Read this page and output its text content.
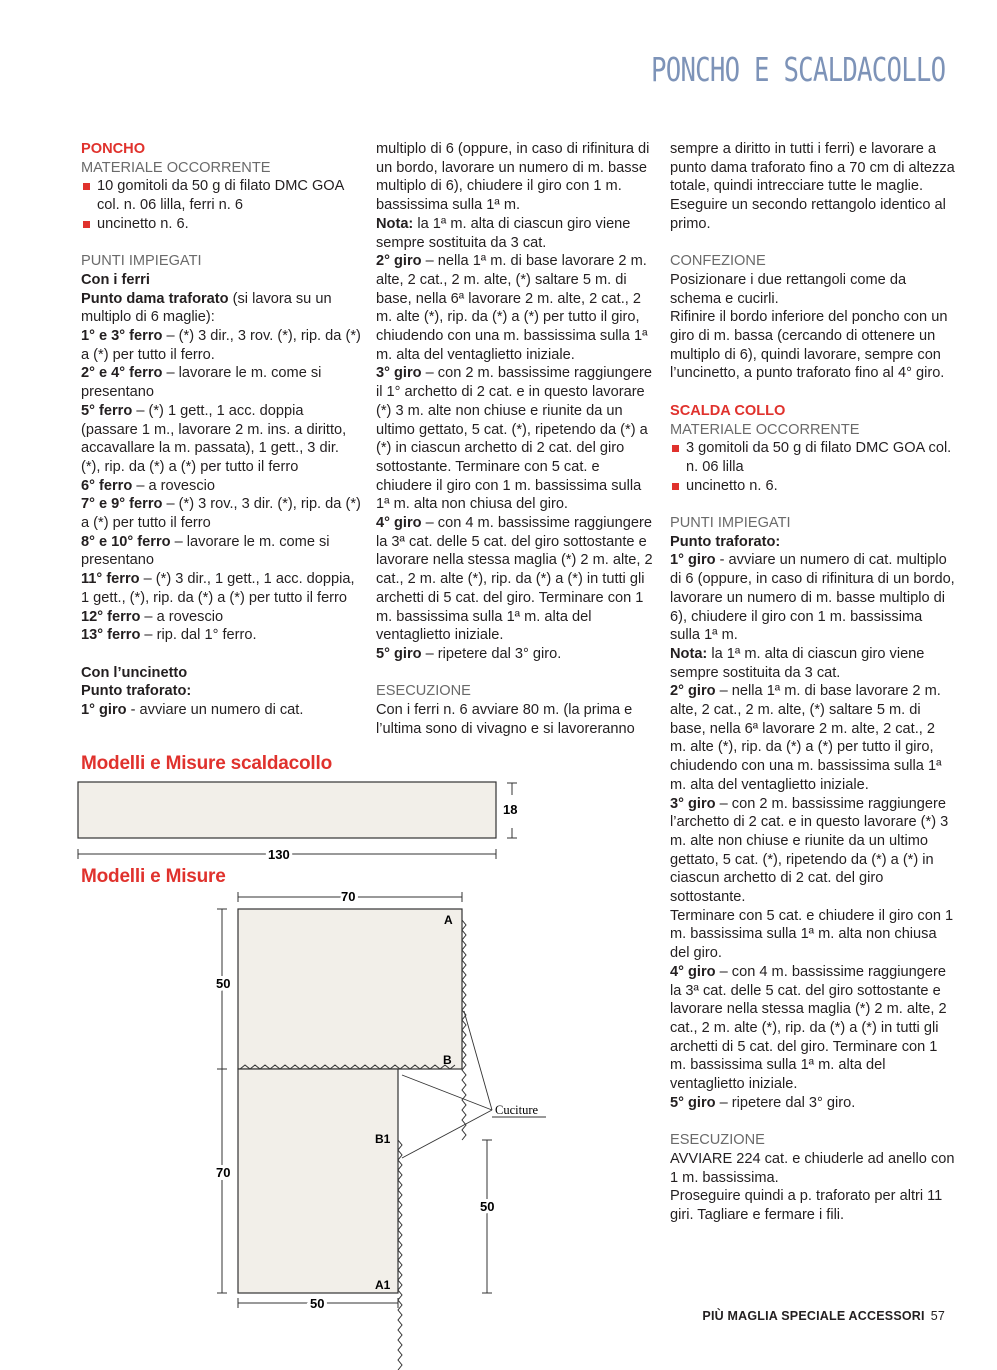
PONCHO E SCALDACOLLO

PONCHO

MATERIALE OCCORRENTE

10 gomitoli da 50 g di filato DMC GOA col. n. 06 lilla, ferri n. 6

uncinetto n. 6.

PUNTI IMPIEGATI

Con i ferri

Punto dama traforato (si lavora su un multiplo di 6 maglie):

1° e 3° ferro – (*) 3 dir., 3 rov. (*), rip. da (*) a (*) per tutto il ferro.

2° e 4° ferro – lavorare le m. come si presentano

5° ferro – (*) 1 gett., 1 acc. doppia (passare 1 m., lavorare 2 m. ins. a diritto, accavallare la m. passata), 1 gett., 3 dir. (*), rip. da (*) a (*) per tutto il ferro

6° ferro – a rovescio

7° e 9° ferro – (*) 3 rov., 3 dir. (*), rip. da (*) a (*) per tutto il ferro

8° e 10° ferro – lavorare le m. come si presentano

11° ferro – (*) 3 dir., 1 gett., 1 acc. doppia, 1 gett., (*), rip. da (*) a (*) per tutto il ferro

12° ferro – a rovescio

13° ferro – rip. dal 1° ferro.

Con l’uncinetto

Punto traforato:

1° giro - avviare un numero di cat.

multiplo di 6 (oppure, in caso di rifinitura di un bordo, lavorare un numero di m. basse multiplo di 6), chiudere il giro con 1 m. bassissima sulla 1ª m.

Nota: la 1ª m. alta di ciascun giro viene sempre sostituita da 3 cat.

2° giro – nella 1ª m. di base lavorare 2 m. alte, 2 cat., 2 m. alte, (*) saltare 5 m. di base, nella 6ª lavorare 2 m. alte, 2 cat., 2 m. alte (*), rip. da (*) a (*) per tutto il giro, chiudendo con una m. bassissima sulla 1ª m. alta del ventaglietto iniziale.

3° giro – con 2 m. bassissime raggiungere il 1° archetto di 2 cat. e in questo lavorare (*) 3 m. alte non chiuse e riunite da un ultimo gettato, 5 cat. (*), ripetendo da (*) a (*) in ciascun archetto di 2 cat. del giro sottostante. Terminare con 5 cat. e chiudere il giro con 1 m. bassissima sulla 1ª m. alta non chiusa del giro.

4° giro – con 4 m. bassissime raggiungere la 3ª cat. delle 5 cat. del giro sottostante e lavorare nella stessa maglia (*) 2 m. alte, 2 cat., 2 m. alte (*), rip. da (*) a (*) in tutti gli archetti di 5 cat. del giro. Terminare con 1 m. bassissima sulla 1ª m. alta del ventaglietto iniziale.

5° giro – ripetere dal 3° giro.

ESECUZIONE

Con i ferri n. 6 avviare 80 m. (la prima e l’ultima sono di vivagno e si lavoreranno

sempre a diritto in tutti i ferri) e lavorare a punto dama traforato fino a 70 cm di altezza totale, quindi intrecciare tutte le maglie.

Eseguire un secondo rettangolo identico al primo.

CONFEZIONE

Posizionare i due rettangoli come da schema e cucirli.

Rifinire il bordo inferiore del poncho con un giro di m. bassa (cercando di ottenere un multiplo di 6), quindi lavorare, sempre con l’uncinetto, a punto traforato fino al 4° giro.

SCALDA COLLO

MATERIALE OCCORRENTE

3 gomitoli da 50 g di filato DMC GOA col. n. 06 lilla

uncinetto n. 6.

PUNTI IMPIEGATI

Punto traforato:

1° giro - avviare un numero di cat. multiplo di 6 (oppure, in caso di rifinitura di un bordo, lavorare un numero di m. basse multiplo di 6), chiudere il giro con 1 m. bassissima sulla 1ª m.

Nota: la 1ª m. alta di ciascun giro viene sempre sostituita da 3 cat.

2° giro – nella 1ª m. di base lavorare 2 m. alte, 2 cat., 2 m. alte, (*) saltare 5 m. di base, nella 6ª lavorare 2 m. alte, 2 cat., 2 m. alte (*), rip. da (*) a (*) per tutto il giro, chiudendo con una m. bassissima sulla 1ª m. alta del ventaglietto iniziale.

3° giro – con 2 m. bassissime raggiungere l’archetto di 2 cat. e in questo lavorare (*) 3 m. alte non chiuse e riunite da un ultimo gettato, 5 cat. (*), ripetendo da (*) a (*) in ciascun archetto di 2 cat. del giro sottostante.

Terminare con 5 cat. e chiudere il giro con 1 m. bassissima sulla 1ª m. alta non chiusa del giro.

4° giro – con 4 m. bassissime raggiungere la 3ª cat. delle 5 cat. del giro sottostante e lavorare nella stessa maglia (*) 2 m. alte, 2 cat., 2 m. alte (*), rip. da (*) a (*) in tutti gli archetti di 5 cat. del giro. Terminare con 1 m. bassissima sulla 1ª m. alta del ventaglietto iniziale.

5° giro – ripetere dal 3° giro.

ESECUZIONE

AVVIARE 224 cat. e chiuderle ad anello con 1 m. bassissima.

Proseguire quindi a p. traforato per altri 11 giri. Tagliare e fermare i fili.

Modelli e Misure scaldacollo
Modelli e Misure
18
130
A
B
B1
A1
70
50
70
50
50
Cuciture
PIÙ MAGLIA SPECIALE ACCESSORI 57
